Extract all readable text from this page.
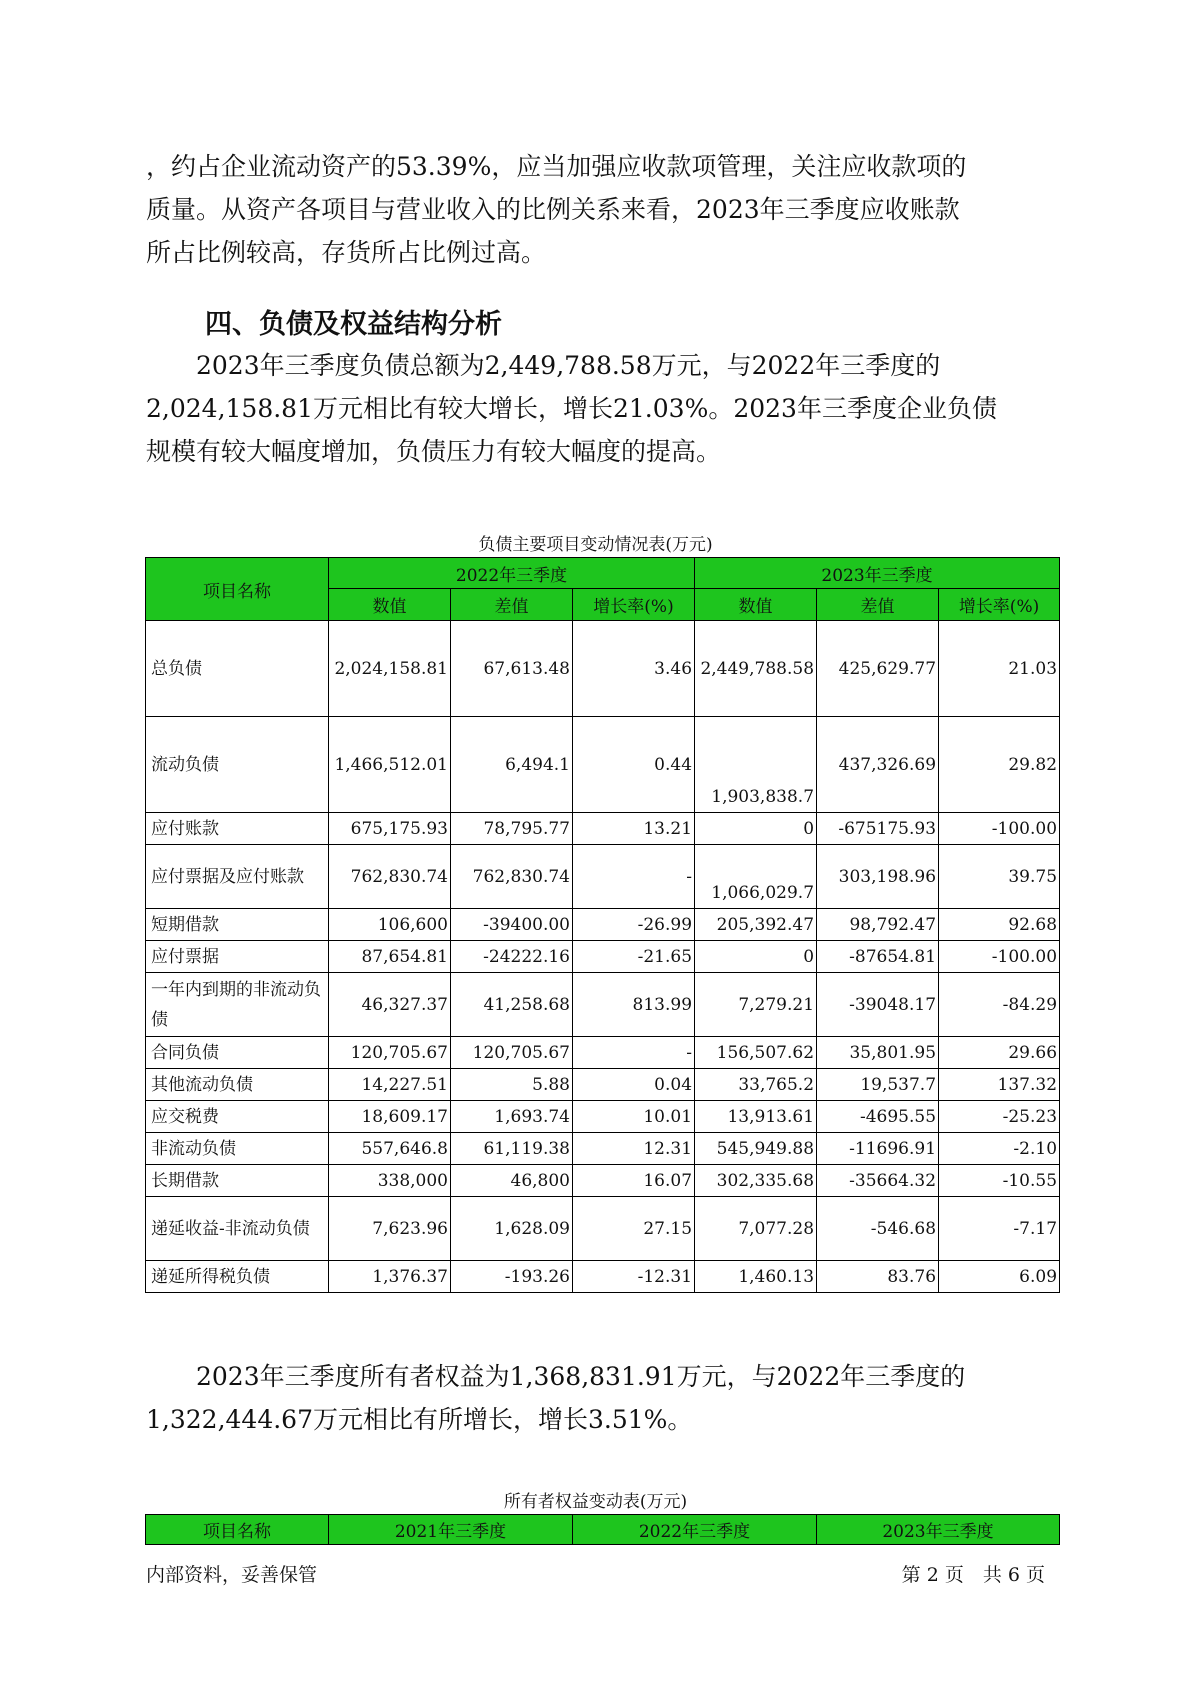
，约占企业流动资产的53.39%，应当加强应收款项管理，关注应收款项的
质量。从资产各项目与营业收入的比例关系来看，2023年三季度应收账款
所占比例较高，存货所占比例过高。

四、负债及权益结构分析

　　2023年三季度负债总额为2,449,788.58万元，与2022年三季度的
2,024,158.81万元相比有较大增长，增长21.03%。2023年三季度企业负债
规模有较大幅度增加，负债压力有较大幅度的提高。

负债主要项目变动情况表(万元)

项目名称	2022年三季度			2023年三季度		
	数值	差值	增长率(%)	数值	差值	增长率(%)
总负债	2,024,158.81	67,613.48	3.46	2,449,788.58	425,629.77	21.03
流动负债	1,466,512.01	6,494.1	0.44	1,903,838.7	437,326.69	29.82
应付账款	675,175.93	78,795.77	13.21	0	-675175.93	-100.00
应付票据及应付账款	762,830.74	762,830.74	-	1,066,029.7	303,198.96	39.75
短期借款	106,600	-39400.00	-26.99	205,392.47	98,792.47	92.68
应付票据	87,654.81	-24222.16	-21.65	0	-87654.81	-100.00
一年内到期的非流动负债	46,327.37	41,258.68	813.99	7,279.21	-39048.17	-84.29
合同负债	120,705.67	120,705.67	-	156,507.62	35,801.95	29.66
其他流动负债	14,227.51	5.88	0.04	33,765.2	19,537.7	137.32
应交税费	18,609.17	1,693.74	10.01	13,913.61	-4695.55	-25.23
非流动负债	557,646.8	61,119.38	12.31	545,949.88	-11696.91	-2.10
长期借款	338,000	46,800	16.07	302,335.68	-35664.32	-10.55
递延收益-非流动负债	7,623.96	1,628.09	27.15	7,077.28	-546.68	-7.17
递延所得税负债	1,376.37	-193.26	-12.31	1,460.13	83.76	6.09

　　2023年三季度所有者权益为1,368,831.91万元，与2022年三季度的
1,322,444.67万元相比有所增长，增长3.51%。

所有者权益变动表(万元)

项目名称	2021年三季度	2022年三季度	2023年三季度

内部资料，妥善保管	第 2 页　共 6 页
